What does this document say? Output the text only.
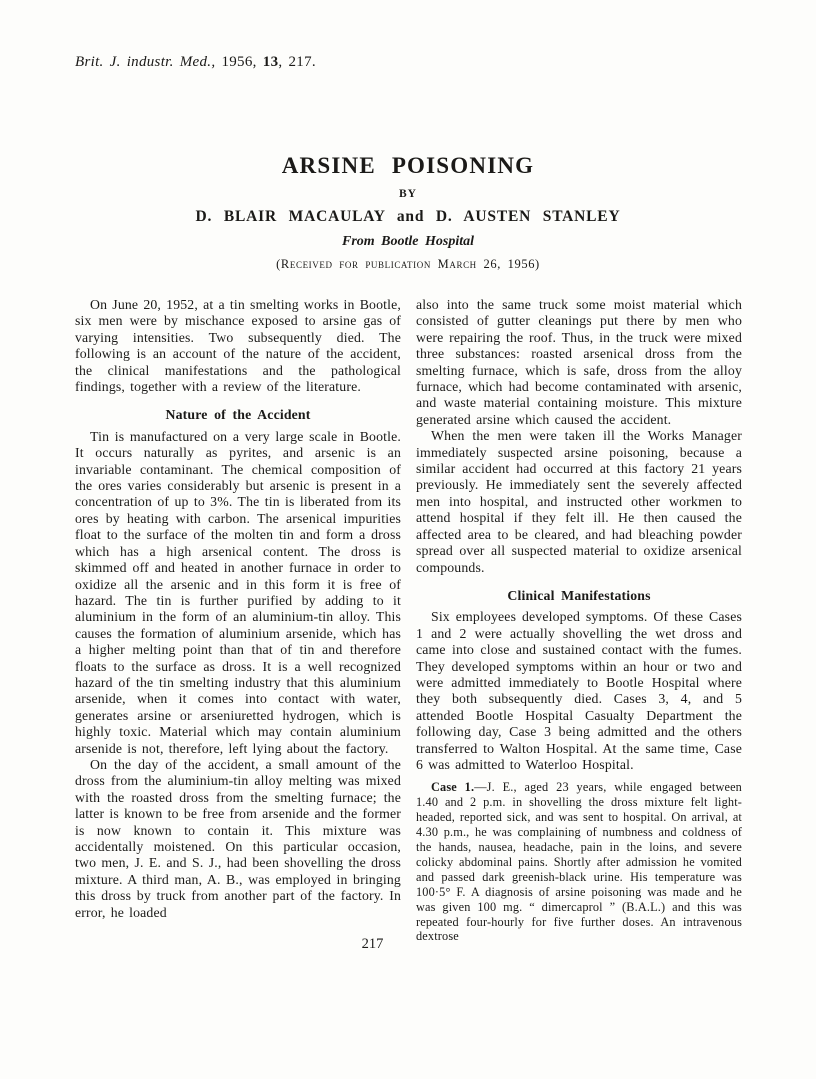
Brit. J. industr. Med., 1956, 13, 217.
ARSINE POISONING
BY
D. BLAIR MACAULAY and D. AUSTEN STANLEY
From Bootle Hospital
(Received for publication March 26, 1956)

On June 20, 1952, at a tin smelting works in Bootle, six men were by mischance exposed to arsine gas of varying intensities. Two subsequently died. The following is an account of the nature of the accident, the clinical manifestations and the pathological findings, together with a review of the literature.

Nature of the Accident

Tin is manufactured on a very large scale in Bootle. It occurs naturally as pyrites, and arsenic is an invariable contaminant. The chemical composition of the ores varies considerably but arsenic is present in a concentration of up to 3%. The tin is liberated from its ores by heating with carbon. The arsenical impurities float to the surface of the molten tin and form a dross which has a high arsenical content. The dross is skimmed off and heated in another furnace in order to oxidize all the arsenic and in this form it is free of hazard. The tin is further purified by adding to it aluminium in the form of an aluminium-tin alloy. This causes the formation of aluminium arsenide, which has a higher melting point than that of tin and therefore floats to the surface as dross. It is a well recognized hazard of the tin smelting industry that this aluminium arsenide, when it comes into contact with water, generates arsine or arseniuretted hydrogen, which is highly toxic. Material which may contain aluminium arsenide is not, therefore, left lying about the factory.

On the day of the accident, a small amount of the dross from the aluminium-tin alloy melting was mixed with the roasted dross from the smelting furnace; the latter is known to be free from arsenide and the former is now known to contain it. This mixture was accidentally moistened. On this particular occasion, two men, J. E. and S. J., had been shovelling the dross mixture. A third man, A. B., was employed in bringing this dross by truck from another part of the factory. In error, he loaded

also into the same truck some moist material which consisted of gutter cleanings put there by men who were repairing the roof. Thus, in the truck were mixed three substances: roasted arsenical dross from the smelting furnace, which is safe, dross from the alloy furnace, which had become contaminated with arsenic, and waste material containing moisture. This mixture generated arsine which caused the accident.

When the men were taken ill the Works Manager immediately suspected arsine poisoning, because a similar accident had occurred at this factory 21 years previously. He immediately sent the severely affected men into hospital, and instructed other workmen to attend hospital if they felt ill. He then caused the affected area to be cleared, and had bleaching powder spread over all suspected material to oxidize arsenical compounds.

Clinical Manifestations

Six employees developed symptoms. Of these Cases 1 and 2 were actually shovelling the wet dross and came into close and sustained contact with the fumes. They developed symptoms within an hour or two and were admitted immediately to Bootle Hospital where they both subsequently died. Cases 3, 4, and 5 attended Bootle Hospital Casualty Department the following day, Case 3 being admitted and the others transferred to Walton Hospital. At the same time, Case 6 was admitted to Waterloo Hospital.

Case 1.—J. E., aged 23 years, while engaged between 1.40 and 2 p.m. in shovelling the dross mixture felt light-headed, reported sick, and was sent to hospital. On arrival, at 4.30 p.m., he was complaining of numbness and coldness of the hands, nausea, headache, pain in the loins, and severe colicky abdominal pains. Shortly after admission he vomited and passed dark greenish-black urine. His temperature was 100·5° F. A diagnosis of arsine poisoning was made and he was given 100 mg. “ dimercaprol ” (B.A.L.) and this was repeated four-hourly for five further doses. An intravenous dextrose

217
